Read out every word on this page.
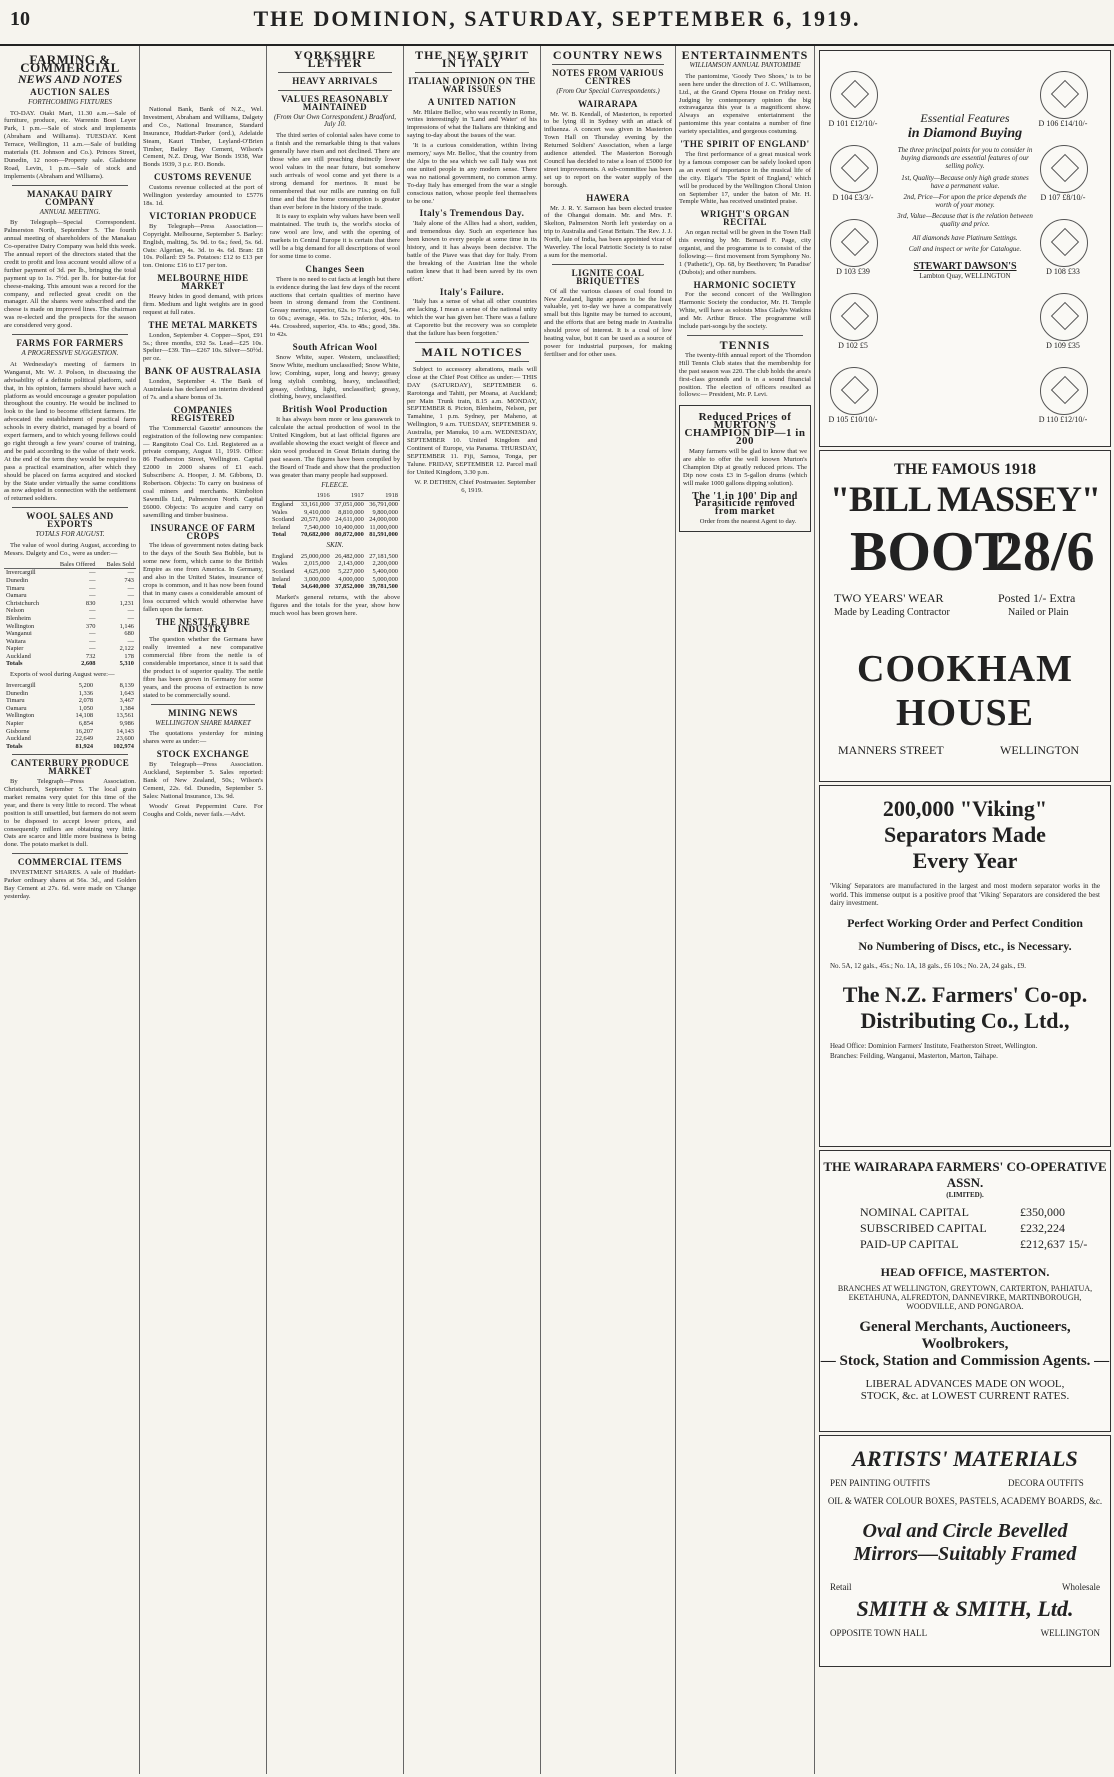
10	THE DOMINION, SATURDAY, SEPTEMBER 6, 1919.
FARMING & COMMERCIAL
NEWS AND NOTES
AUCTION SALES
FORTHCOMING FIXTURES

TO-DAY. Otaki Mart, 11.30 a.m.—Sale of furniture, produce, etc. Warrenin Boot Leyer Park, 1 p.m.—Sale of stock and implements (Abraham and Williams). TUESDAY. Kent Terrace, Wellington, 11 a.m.—Sale of building materials (H. Johnson and Co.). Princes Street, Dunedin, 12 noon—Property sale. Gladstone Road, Levin, 1 p.m.—Sale of stock and implements (Abraham and Williams).

MANAKAU DAIRY COMPANY
ANNUAL MEETING.

By Telegraph—Special Correspondent. Palmerston North, September 5. The fourth annual meeting of shareholders of the Manakau Co-operative Dairy Company was held this week. The annual report of the directors stated that the credit to profit and loss account would allow of a further payment of 3d. per lb., bringing the total payment up to 1s. 7½d. per lb. for butter-fat for cheese-making. This amount was a record for the company, and reflected great credit on the manager. All the shares were subscribed and the cheese is made on improved lines. The chairman was re-elected and the prospects for the season are considered very good.

FARMS FOR FARMERS
A PROGRESSIVE SUGGESTION.

At Wednesday's meeting of farmers in Wanganui, Mr. W. J. Polson, in discussing the advisability of a definite political platform, said that, in his opinion, farmers should have such a platform as would encourage a greater population throughout the country. He would be inclined to look to the land to become efficient farmers. He advocated the establishment of practical farm schools in every district, managed by a board of expert farmers, and to which young fellows could go right through a few years' course of training, and be paid according to the value of their work. At the end of the term they would be required to pass a practical examination, after which they should be placed on farms acquired and stocked by the State under virtually the same conditions as now adopted in connection with the settlement of returned soldiers.

WOOL SALES AND EXPORTS
TOTALS FOR AUGUST.

The value of wool during August, according to Messrs. Dalgety and Co., were as under:—

	Bales Offered	Bales Sold
Invercargill	—	—
Dunedin	—	743
Timaru	—	—
Oamaru	—	—
Christchurch	830	1,231
Nelson	—	—
Blenheim	—	—
Wellington	370	1,146
Wanganui	—	680
Waitara	—	—
Napier	—	2,122
Auckland	732	178
Totals	2,608	5,310

Exports of wool during August were:—

Invercargill	5,200	8,139
Dunedin	1,336	1,643
Timaru	2,078	3,467
Oamaru	1,050	1,384
Wellington	14,108	13,561
Napier	6,854	9,986
Gisborne	16,207	14,143
Auckland	22,649	23,600
Totals	81,924	102,974
CANTERBURY PRODUCE MARKET

By Telegraph—Press Association. Christchurch, September 5. The local grain market remains very quiet for this time of the year, and there is very little to record. The wheat position is still unsettled, but farmers do not seem to be disposed to accept lower prices, and consequently millers are obtaining very little. Oats are scarce and little more business is being done. The potato market is dull.

COMMERCIAL ITEMS

INVESTMENT SHARES. A sale of Huddart-Parker ordinary shares at 56s. 3d., and Golden Bay Cement at 27s. 6d. were made on 'Change yesterday.

National Bank, Bank of N.Z., Wel. Investment, Abraham and Williams, Dalgety and Co., National Insurance, Standard Insurance, Huddart-Parker (ord.), Adelaide Steam, Kauri Timber, Leyland-O'Brien Timber, Bailey Bay Cement, Wilson's Cement, N.Z. Drug, War Bonds 1938, War Bonds 1939, 3 p.c. P.O. Bonds.

CUSTOMS REVENUE

Customs revenue collected at the port of Wellington yesterday amounted to £5776 18s. 1d.

VICTORIAN PRODUCE

By Telegraph—Press Association—Copyright. Melbourne, September 5. Barley: English, malting, 5s. 9d. to 6s.; feed, 5s. 6d. Oats: Algerian, 4s. 3d. to 4s. 6d. Bran: £8 10s. Pollard: £9 5s. Potatoes: £12 to £13 per ton. Onions: £16 to £17 per ton.

MELBOURNE HIDE MARKET

Heavy hides in good demand, with prices firm. Medium and light weights are in good request at full rates.

THE METAL MARKETS

London, September 4. Copper—Spot, £91 5s.; three months, £92 5s. Lead—£25 10s. Spelter—£39. Tin—£267 10s. Silver—50½d. per oz.

BANK OF AUSTRALASIA

London, September 4. The Bank of Australasia has declared an interim dividend of 7s. and a share bonus of 3s.

COMPANIES REGISTERED

The 'Commercial Gazette' announces the registration of the following new companies:— Rangitoto Coal Co. Ltd. Registered as a private company, August 11, 1919. Office: 86 Featherston Street, Wellington. Capital £2000 in 2000 shares of £1 each. Subscribers: A. Hooper, J. M. Gibbons, D. Robertson. Objects: To carry on business of coal miners and merchants. Kimbolton Sawmills Ltd., Palmerston North. Capital £6000. Objects: To acquire and carry on sawmilling and timber business.

INSURANCE OF FARM CROPS

The ideas of government notes dating back to the days of the South Sea Bubble, but is some new form, which came to the British Empire as one from America. In Germany, and also in the United States, insurance of crops is common, and it has now been found that in many cases a considerable amount of loss occurred which would otherwise have fallen upon the farmer.

THE NESTLE FIBRE INDUSTRY

The question whether the Germans have really invented a new comparative commercial fibre from the nettle is of considerable importance, since it is said that the product is of superior quality. The nettle fibre has been grown in Germany for some years, and the process of extraction is now stated to be commercially sound.

MINING NEWS
WELLINGTON SHARE MARKET

The quotations yesterday for mining shares were as under:—

STOCK EXCHANGE

By Telegraph—Press Association. Auckland, September 5. Sales reported: Bank of New Zealand, 50s.; Wilson's Cement, 22s. 6d. Dunedin, September 5. Sales: National Insurance, 13s. 9d.

Woods' Great Peppermint Cure. For Coughs and Colds, never fails.—Advt.

YORKSHIRE LETTER
HEAVY ARRIVALS
VALUES REASONABLY MAINTAINED
(From Our Own Correspondent.) Bradford, July 10.

The third series of colonial sales have come to a finish and the remarkable thing is that values generally have risen and not declined. There are those who are still preaching distinctly lower wool values in the near future, but somehow such arrivals of wool come and yet there is a strong demand for merinos. It must be remembered that our mills are running on full time and that the home consumption is greater than ever before in the history of the trade.

It is easy to explain why values have been well maintained. The truth is, the world's stocks of raw wool are low, and with the opening of markets in Central Europe it is certain that there will be a big demand for all descriptions of wool for some time to come.

Changes Seen

There is no need to cut facts at length but there is evidence during the last few days of the recent auctions that certain qualities of merino have been in strong demand from the Continent. Greasy merino, superior, 62s. to 71s.; good, 54s. to 60s.; average, 46s. to 52s.; inferior, 40s. to 44s. Crossbred, superior, 43s. to 48s.; good, 38s. to 42s.

South African Wool

Snow White, super. Western, unclassified; Snow White, medium unclassified; Snow White, low; Combing, super, long and heavy; greasy long stylish combing, heavy, unclassified; greasy, clothing, light, unclassified; greasy, clothing, heavy, unclassified.

British Wool Production

It has always been more or less guesswork to calculate the actual production of wool in the United Kingdom, but at last official figures are available showing the exact weight of fleece and skin wool produced in Great Britain during the past season. The figures have been compiled by the Board of Trade and show that the production was greater than many people had supposed.

FLEECE.
	1916	1917	1918
England	33,161,000	37,051,000	36,791,000
Wales	9,410,000	8,810,000	9,800,000
Scotland	20,571,000	24,611,000	24,000,000
Ireland	7,540,000	10,400,000	11,000,000
Total	70,682,000	80,872,000	81,591,000
SKIN.
England	25,000,000	26,482,000	27,181,500
Wales	2,015,000	2,143,000	2,200,000
Scotland	4,625,000	5,227,000	5,400,000
Ireland	3,000,000	4,000,000	5,000,000
Total	34,640,000	37,852,000	39,781,500

Market's general returns, with the above figures and the totals for the year, show how much wool has been grown here.

THE NEW SPIRIT IN ITALY
ITALIAN OPINION ON THE WAR ISSUES
A UNITED NATION

Mr. Hilaire Belloc, who was recently in Rome, writes interestingly in 'Land and Water' of his impressions of what the Italians are thinking and saying to-day about the issues of the war.

'It is a curious consideration, within living memory,' says Mr. Belloc, 'that the country from the Alps to the sea which we call Italy was not one united people in any modern sense. There was no national government, no common army. To-day Italy has emerged from the war a single conscious nation, whose people feel themselves to be one.'

Italy's Tremendous Day.

'Italy alone of the Allies had a short, sudden, and tremendous day. Such an experience has been known to every people at some time in its history, and it has always been decisive. The battle of the Piave was that day for Italy. From the breaking of the Austrian line the whole nation knew that it had been saved by its own effort.'

Italy's Failure.

'Italy has a sense of what all other countries are lacking. I mean a sense of the national unity which the war has given her. There was a failure at Caporetto but the recovery was so complete that the failure has been forgotten.'

MAIL NOTICES

Subject to accessory alterations, mails will close at the Chief Post Office as under:— THIS DAY (SATURDAY), SEPTEMBER 6. Rarotonga and Tahiti, per Moana, at Auckland; per Main Trunk train, 8.15 a.m. MONDAY, SEPTEMBER 8. Picton, Blenheim, Nelson, per Tamahine, 1 p.m. Sydney, per Maheno, at Wellington, 9 a.m. TUESDAY, SEPTEMBER 9. Australia, per Manuka, 10 a.m. WEDNESDAY, SEPTEMBER 10. United Kingdom and Continent of Europe, via Panama. THURSDAY, SEPTEMBER 11. Fiji, Samoa, Tonga, per Talune. FRIDAY, SEPTEMBER 12. Parcel mail for United Kingdom, 3.30 p.m.

W. P. DETHEN, Chief Postmaster. September 6, 1919.

COUNTRY NEWS
NOTES FROM VARIOUS CENTRES
(From Our Special Correspondents.)
WAIRARAPA

Mr. W. B. Kendall, of Masterton, is reported to be lying ill in Sydney with an attack of influenza. A concert was given in Masterton Town Hall on Thursday evening by the Returned Soldiers' Association, when a large audience attended. The Masterton Borough Council has decided to raise a loan of £5000 for street improvements. A sub-committee has been set up to report on the water supply of the borough.

HAWERA

Mr. J. R. Y. Samson has been elected trustee of the Ohangai domain. Mr. and Mrs. F. Skelton, Palmerston North left yesterday on a trip to Australia and Great Britain. The Rev. J. J. North, late of India, has been appointed vicar of Waverley. The local Patriotic Society is to raise a sum for the memorial.

LIGNITE COAL BRIQUETTES

Of all the various classes of coal found in New Zealand, lignite appears to be the least valuable, yet to-day we have a comparatively small but this lignite may be turned to account, and the efforts that are being made in Australia should prove of interest. It is a coal of low heating value, but it can be used as a source of power for industrial purposes, for making fertiliser and for other uses.

ENTERTAINMENTS
WILLIAMSON ANNUAL PANTOMIME

The pantomime, 'Goody Two Shoes,' is to be seen here under the direction of J. C. Williamson, Ltd., at the Grand Opera House on Friday next. Judging by contemporary opinion the big extravaganza this year is a magnificent show. Always an expensive entertainment the pantomime this year contains a number of fine variety specialities, and gorgeous costuming.

'THE SPIRIT OF ENGLAND'

The first performance of a great musical work by a famous composer can be safely looked upon as an event of importance in the musical life of the city. Elgar's 'The Spirit of England,' which will be produced by the Wellington Choral Union on September 17, under the baton of Mr. H. Temple White, has received unstinted praise.

WRIGHT'S ORGAN RECITAL

An organ recital will be given in the Town Hall this evening by Mr. Bernard F. Page, city organist, and the programme is to consist of the following:— first movement from Symphony No. 1 ('Pathetic'), Op. 68, by Beethoven; 'In Paradise' (Dubois); and other numbers.

HARMONIC SOCIETY

For the second concert of the Wellington Harmonic Society the conductor, Mr. H. Temple White, will have as soloists Miss Gladys Watkins and Mr. Arthur Bruce. The programme will include part-songs by the society.

TENNIS

The twenty-fifth annual report of the Thorndon Hill Tennis Club states that the membership for the past season was 220. The club holds the area's first-class grounds and is in a sound financial position. The election of officers resulted as follows:— President, Mr. P. Levi.

Reduced Prices of MURTON'S CHAMPION DIP—1 in 200

Many farmers will be glad to know that we are able to offer the well known Murton's Champion Dip at greatly reduced prices. The Dip now costs £3 in 5-gallon drums (which will make 1000 gallons dipping solution).

The '1 in 100' Dip and Parasiticide removed from market

Order from the nearest Agent to day.

D 101 £12/10/-
D 104 £3/3/-
D 103 £39
D 102 £5
D 105 £10/10/-
D 106 £14/10/-
D 107 £8/10/-
D 108 £33
D 109 £35
D 110 £12/10/-
Essential Features
in Diamond Buying
The three principal points for you to consider in buying diamonds are essential features of our selling policy.
1st, Quality—Because only high grade stones have a permanent value.
2nd, Price—For upon the price depends the worth of your money.
3rd, Value—Because that is the relation between quality and price.
All diamonds have Platinum Settings.
Call and inspect or write for Catalogue.
STEWART DAWSON'S
Lambton Quay, WELLINGTON
THE FAMOUS 1918
"BILL MASSEY"
BOOT
28/6
TWO YEARS' WEAR	Posted 1/- Extra
Made by Leading Contractor	Nailed or Plain
COOKHAM HOUSE
MANNERS STREET	WELLINGTON
200,000 "Viking"
Separators Made
Every Year
'Viking' Separators are manufactured in the largest and most modern separator works in the world. This immense output is a positive proof that 'Viking' Separators are considered the best dairy investment.
Perfect Working Order and Perfect Condition
No Numbering of Discs, etc., is Necessary.
No. 5A, 12 gals., 45s.; No. 1A, 18 gals., £6 10s.; No. 2A, 24 gals., £9.
The N.Z. Farmers' Co-op.
Distributing Co., Ltd.,
Head Office: Dominion Farmers' Institute, Featherston Street, Wellington.
Branches: Feilding, Wanganui, Masterton, Marton, Taihape.
THE WAIRARAPA FARMERS' CO-OPERATIVE ASSN.
(LIMITED).
NOMINAL CAPITAL	£350,000
SUBSCRIBED CAPITAL	£232,224
PAID-UP CAPITAL	£212,637 15/-
HEAD OFFICE, MASTERTON.
BRANCHES AT WELLINGTON, GREYTOWN, CARTERTON, PAHIATUA, EKETAHUNA, ALFREDTON, DANNEVIRKE, MARTINBOROUGH, WOODVILLE, AND PONGAROA.
General Merchants, Auctioneers, Woolbrokers,
— Stock, Station and Commission Agents. —
LIBERAL ADVANCES MADE ON WOOL,
STOCK, &c. at LOWEST CURRENT RATES.
ARTISTS' MATERIALS
PEN PAINTING OUTFITS	DECORA OUTFITS
OIL & WATER COLOUR BOXES, PASTELS, ACADEMY BOARDS, &c.
Oval and Circle Bevelled
Mirrors—Suitably Framed
Retail	Wholesale
SMITH & SMITH, Ltd.
OPPOSITE TOWN HALL	WELLINGTON
